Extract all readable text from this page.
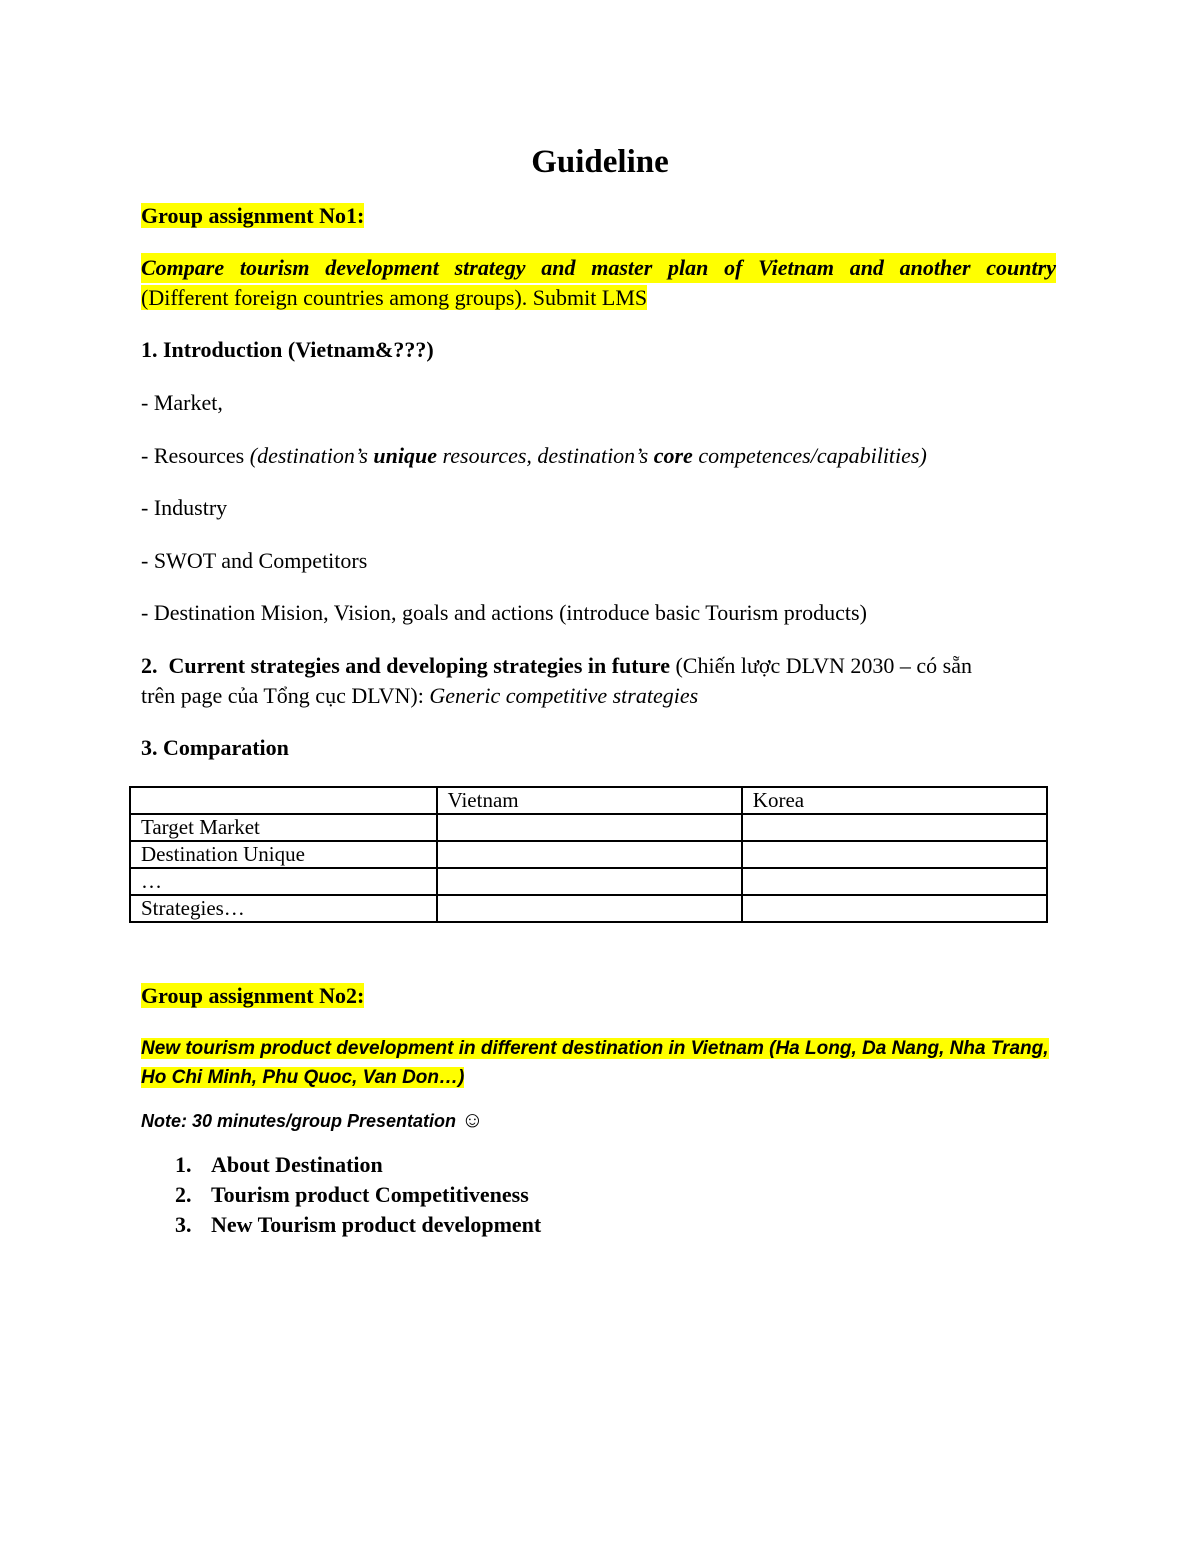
Guideline
Group assignment No1:
Compare tourism development strategy and master plan of Vietnam and another country
(Different foreign countries among groups). Submit LMS
1. Introduction (Vietnam&???)
- Market,
- Resources (destination’s unique resources, destination’s core competences/capabilities)
- Industry
- SWOT and Competitors
- Destination Mision, Vision, goals and actions (introduce basic Tourism products)
2. Current strategies and developing strategies in future (Chiến lược DLVN 2030 – có sẵn
trên page của Tổng cục DLVN): Generic competitive strategies
3. Comparation
	Vietnam	Korea
Target Market		
Destination Unique		
…		
Strategies…		
Group assignment No2:
New tourism product development in different destination in Vietnam (Ha Long, Da Nang, Nha Trang,
Ho Chi Minh, Phu Quoc, Van Don…)
Note: 30 minutes/group Presentation ☺
1. About Destination
2. Tourism product Competitiveness
3. New Tourism product development
